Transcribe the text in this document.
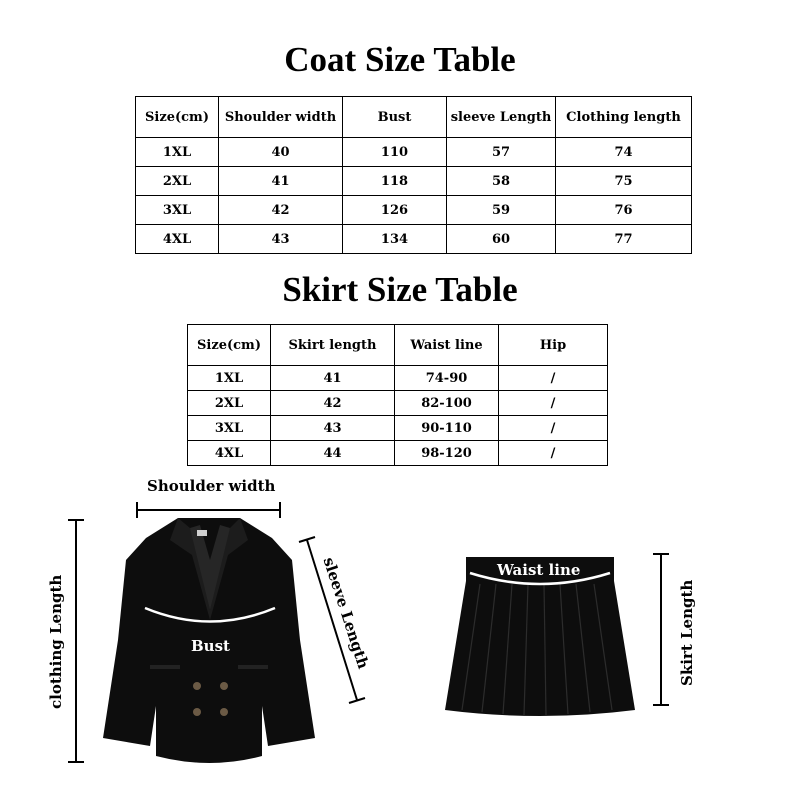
Coat Size Table
Size(cm)	Shoulder width	Bust	sleeve Length	Clothing length
1XL	40	110	57	74
2XL	41	118	58	75
3XL	42	126	59	76
4XL	43	134	60	77
Skirt Size Table
Size(cm)	Skirt length	Waist line	Hip
1XL	41	74-90	/
2XL	42	82-100	/
3XL	43	90-110	/
4XL	44	98-120	/
Shoulder width
clothing Length	sleeve Length
Bust
Waist line
Skirt Length
